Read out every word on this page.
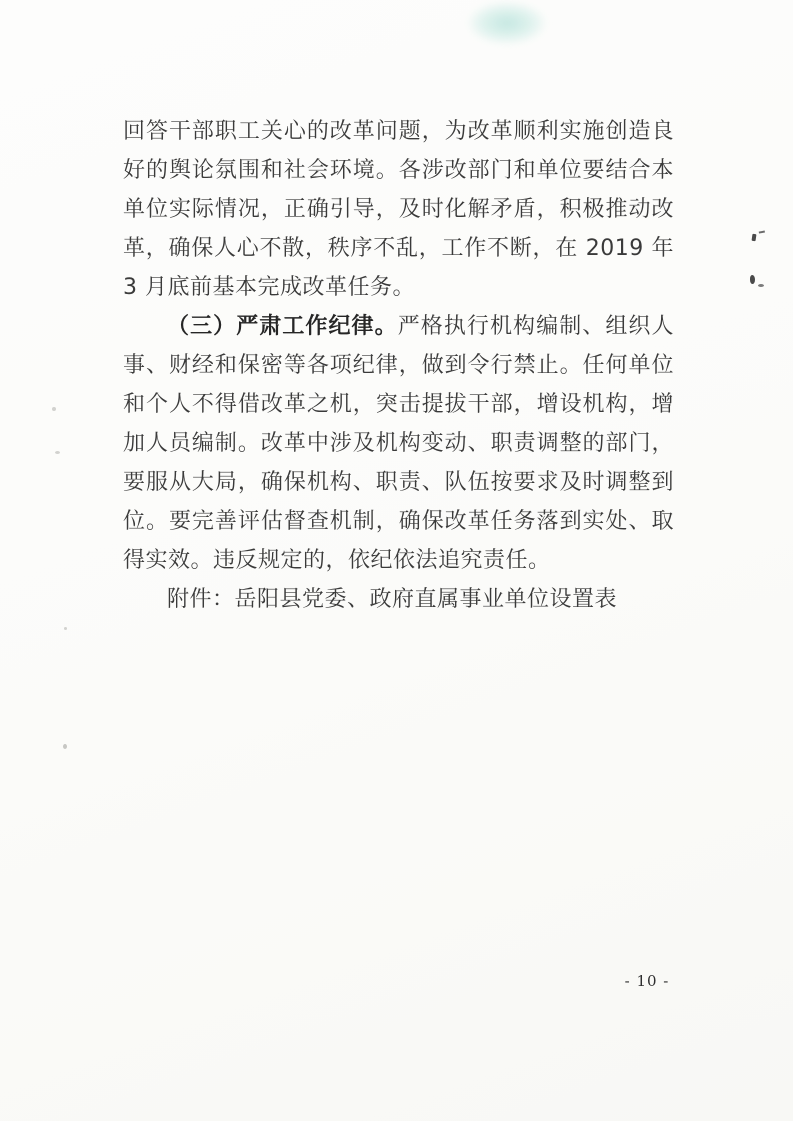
回答干部职工关心的改革问题，为改革顺利实施创造良好的舆论氛围和社会环境。各涉改部门和单位要结合本单位实际情况，正确引导，及时化解矛盾，积极推动改革，确保人心不散，秩序不乱，工作不断，在 2019 年 3 月底前基本完成改革任务。

（三）严肃工作纪律。严格执行机构编制、组织人事、财经和保密等各项纪律，做到令行禁止。任何单位和个人不得借改革之机，突击提拔干部，增设机构，增加人员编制。改革中涉及机构变动、职责调整的部门，要服从大局，确保机构、职责、队伍按要求及时调整到位。要完善评估督查机制，确保改革任务落到实处、取得实效。违反规定的，依纪依法追究责任。

附件：岳阳县党委、政府直属事业单位设置表

- 10 -
